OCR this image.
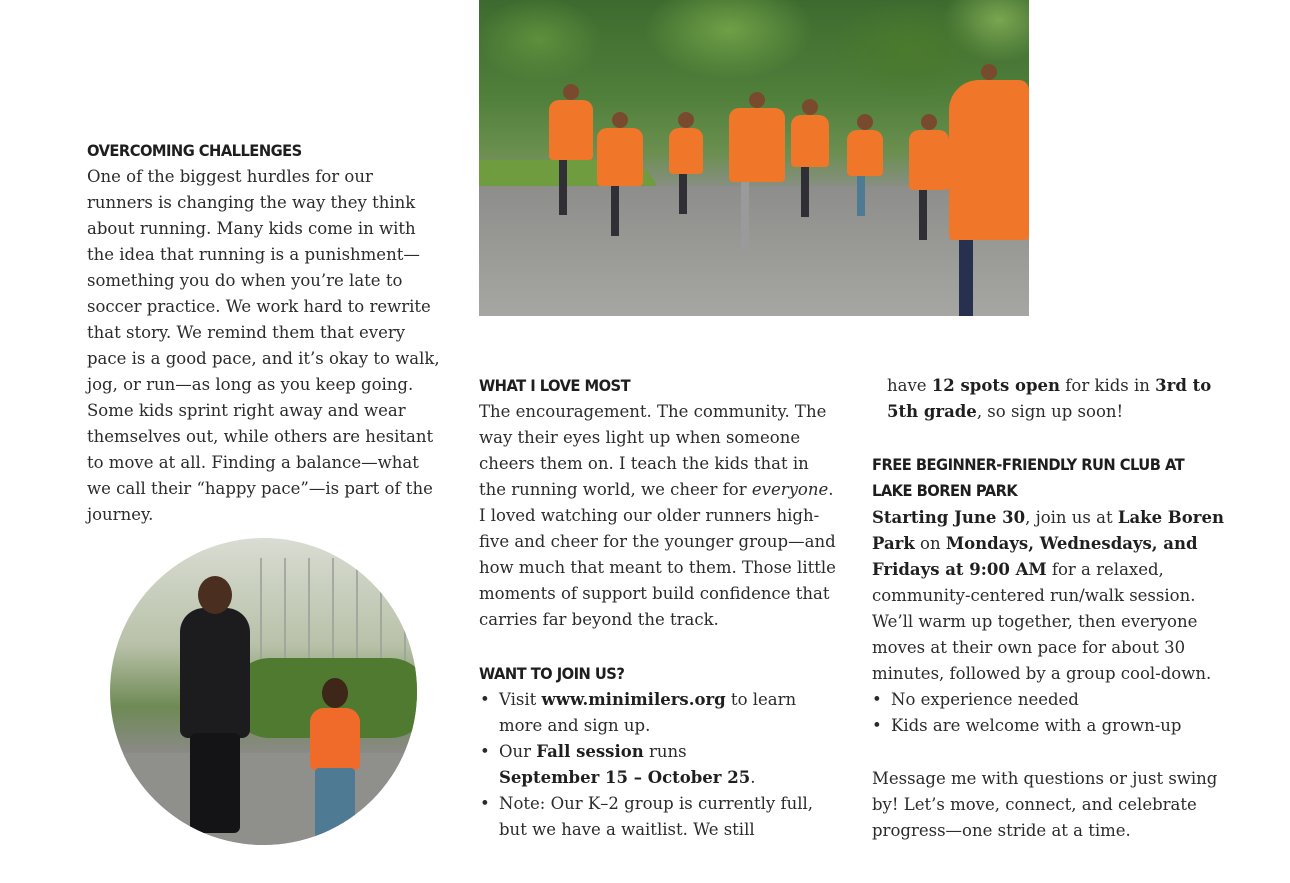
OVERCOMING CHALLENGES

One of the biggest hurdles for our runners is changing the way they think about running. Many kids come in with the idea that running is a punishment—something you do when you’re late to soccer practice. We work hard to rewrite that story. We remind them that every pace is a good pace, and it’s okay to walk, jog, or run—as long as you keep going. Some kids sprint right away and wear themselves out, while others are hesitant to move at all. Finding a balance—what we call their “happy pace”—is part of the journey.

WHAT I LOVE MOST

The encouragement. The community. The way their eyes light up when someone cheers them on. I teach the kids that in the running world, we cheer for everyone. I loved watching our older runners high-five and cheer for the younger group—and how much that meant to them. Those little moments of support build confidence that carries far beyond the track.

WANT TO JOIN US?
• Visit www.minimilers.org to learn more and sign up.
• Our Fall session runs
September 15 – October 25.
• Note: Our K–2 group is currently full, but we have a waitlist. We still

have 12 spots open for kids in 3rd to 5th grade, so sign up soon!

FREE BEGINNER-FRIENDLY RUN CLUB AT LAKE BOREN PARK

Starting June 30, join us at Lake Boren Park on Mondays, Wednesdays, and Fridays at 9:00 AM for a relaxed, community-centered run/walk session. We’ll warm up together, then everyone moves at their own pace for about 30 minutes, followed by a group cool-down.

• No experience needed
• Kids are welcome with a grown-up

Message me with questions or just swing by! Let’s move, connect, and celebrate progress—one stride at a time.
